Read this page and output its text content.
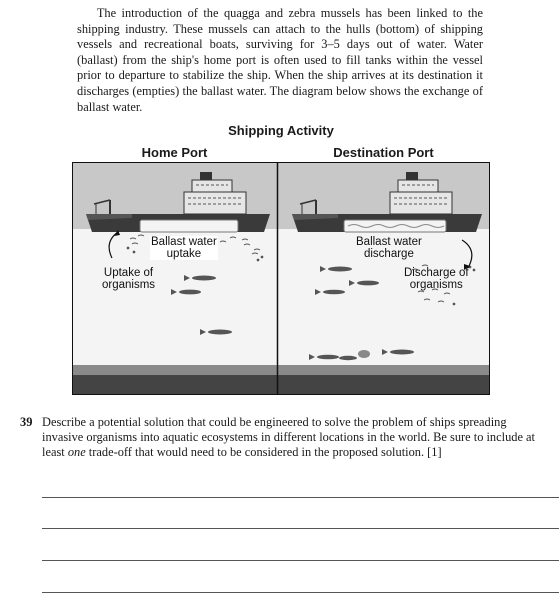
The introduction of the quagga and zebra mussels has been linked to the shipping industry. These mussels can attach to the hulls (bottom) of shipping vessels and recreational boats, surviving for 3–5 days out of water. Water (ballast) from the ship's home port is often used to fill tanks within the vessel prior to departure to stabilize the ship. When the ship arrives at its destination it discharges (empties) the ballast water. The diagram below shows the exchange of ballast water.

Shipping Activity
Home Port	Destination Port
Ballast water
uptake
Uptake of
organisms
Ballast water
discharge
Discharge of
organisms
39 Describe a potential solution that could be engineered to solve the problem of ships spreading invasive organisms into aquatic ecosystems in different locations in the world. Be sure to include at least one trade-off that would need to be considered in the proposed solution. [1]
